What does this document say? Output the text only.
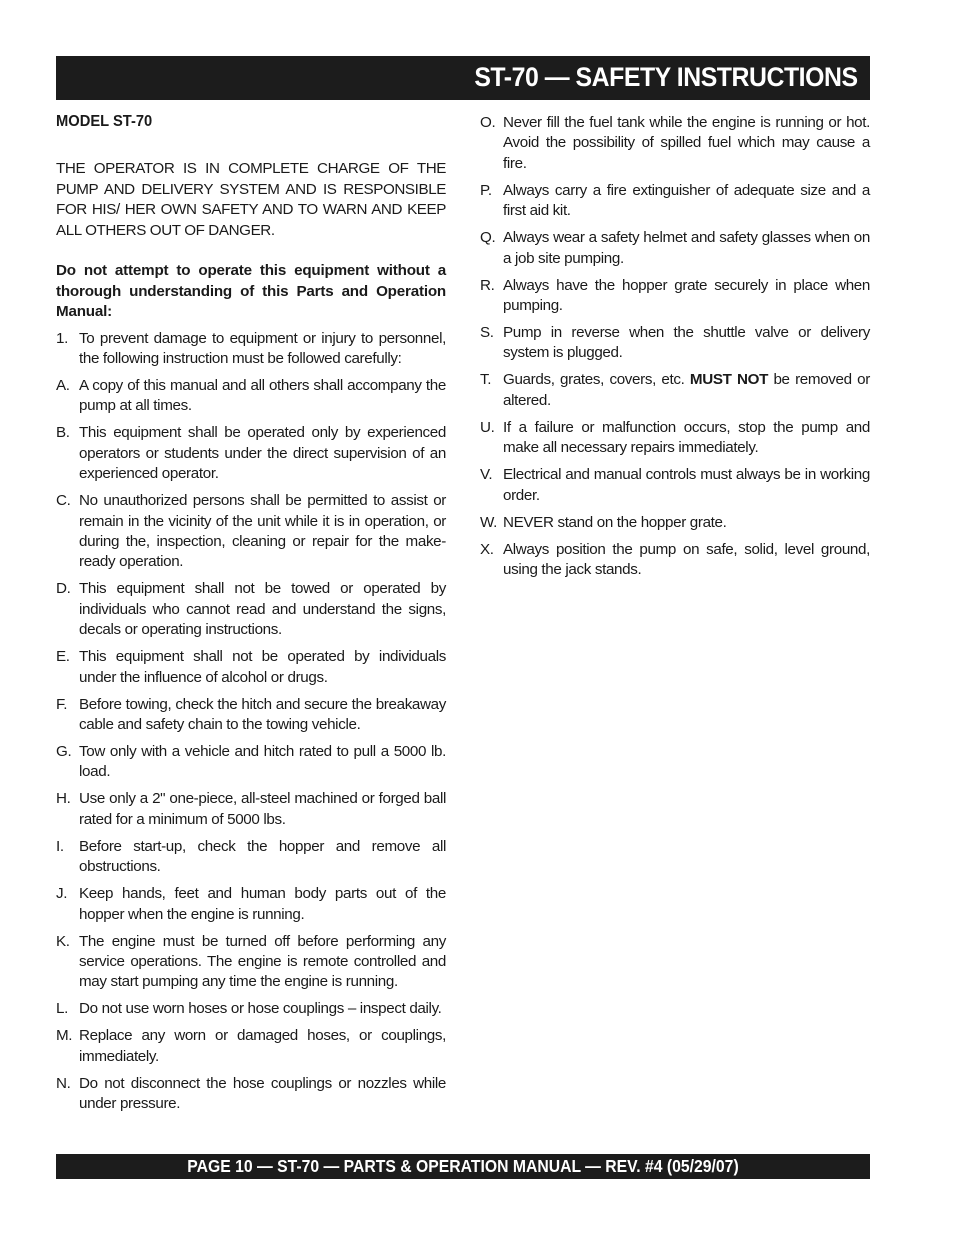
ST-70 — SAFETY INSTRUCTIONS
MODEL ST-70
THE OPERATOR IS IN COMPLETE CHARGE OF THE PUMP AND DELIVERY SYSTEM AND IS RESPONSIBLE FOR HIS/ HER OWN SAFETY AND TO WARN AND KEEP ALL OTHERS OUT OF DANGER.
Do not attempt to operate this equipment without a thorough understanding of this Parts and Operation Manual:
1. To prevent damage to equipment or injury to personnel, the following instruction must be followed carefully:
A. A copy of this manual and all others shall accompany the pump at all times.
B. This equipment shall be operated only by experienced operators or students under the direct supervision of an experienced operator.
C. No unauthorized persons shall be permitted to assist or remain in the vicinity of the unit while it is in operation, or during the, inspection, cleaning or repair for the make-ready operation.
D. This equipment shall not be towed or operated by individuals who cannot read and understand the signs, decals or operating instructions.
E. This equipment shall not be operated by individuals under the influence of alcohol or drugs.
F. Before towing, check the hitch and secure the breakaway cable and safety chain to the towing vehicle.
G. Tow only with a vehicle and hitch rated to pull a 5000 lb. load.
H. Use only a 2" one-piece, all-steel machined or forged ball rated for a minimum of 5000 lbs.
I.	Before start-up, check the hopper and remove all obstructions.
J. Keep hands, feet and human body parts out of the hopper when the engine is running.
K. The engine must be turned off before performing any service operations. The engine is remote controlled and may start pumping any time the engine is running.
L. Do not use worn hoses or hose couplings – inspect daily.
M. Replace any worn or damaged hoses, or couplings, immediately.
N. Do not disconnect the hose couplings or nozzles while under pressure.
O. Never fill the fuel tank while the engine is running or hot. Avoid the possibility of spilled fuel which may cause a fire.
P. Always carry a fire extinguisher of adequate size and a first aid kit.
Q. Always wear a safety helmet and safety glasses when on a job site pumping.
R. Always have the hopper grate securely in place when pumping.
S. Pump in reverse when the shuttle valve or delivery system is plugged.
T. Guards, grates, covers, etc. MUST NOT be removed or altered.
U. If a failure or malfunction occurs, stop the pump and make all necessary repairs immediately.
V. Electrical and manual controls must always be in working order.
W. NEVER stand on the hopper grate.
X. Always position the pump on safe, solid, level ground, using the jack stands.
PAGE 10 — ST-70 — PARTS & OPERATION MANUAL — REV. #4 (05/29/07)
